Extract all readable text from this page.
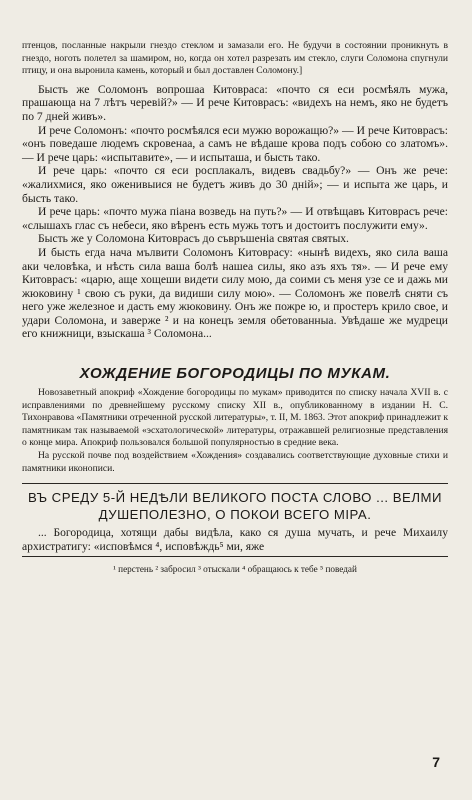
птенцов, посланные накрыли гнездо стеклом и замазали его. Не будучи в состоянии проникнуть в гнездо, ноготь полетел за шамиром, но, когда он хотел разрезать им стекло, слуги Соломона спугнули птицу, и она выронила камень, который и был доставлен Соломону.]

Бысть же Соломонъ вопрошаа Китовраса: «почто ся еси росмѣялъ мужа, прашающа на 7 лѣтъ черевiй?» — И рече Китоврасъ: «видехъ на немъ, яко не будетъ по 7 дней живъ».

И рече Соломонъ: «почто росмѣялся еси мужю ворожащю?» — И рече Китоврасъ: «онъ поведаше людемъ скровенаа, а самъ не вѣдаше крова подъ собою со златомъ». — И рече царь: «испытавите», — и испыташа, и бысть тако.

И рече царь: «почто ся еси росплакалъ, видевъ свадьбу?» — Онъ же рече: «жалихмися, яко оженивыися не будетъ живъ до 30 днiй»; — и испыта же царь, и бысть тако.

И рече царь: «почто мужа пiана возведь на путь?» — И отвѣщавъ Китоврасъ рече: «слышахъ глас съ небеси, яко вѣренъ есть мужь тотъ и достоитъ послужити ему».

Бысть же у Соломона Китоврасъ до съвръшенiа святая святых.

И бысть егда нача мълвити Соломонъ Китоврасу: «нынѣ видехъ, яко сила ваша аки человѣка, и нѣсть сила ваша болѣ нашеа силы, яко азъ яхъ тя». — И рече ему Китоврасъ: «царю, аще хощеши видети силу мою, да соими съ меня узе се и дажь ми жюковину ¹ свою съ руки, да видиши силу мою». — Соломонъ же повелѣ сняти съ него уже железное и дасть ему жюковину. Онъ же пожре ю, и простеръ крило свое, и удари Соломона, и заверже ² и на конецъ земля обетованныа. Увѣдаше же мудреци его книжници, взыскаша ³ Соломона...

ХОЖДЕНИЕ БОГОРОДИЦЫ ПО МУКАМ.

Новозаветный апокриф «Хождение богородицы по мукам» приводится по списку начала XVII в. с исправлениями по древнейшему русскому списку XII в., опубликованному в издании Н. С. Тихонравова «Памятники отреченной русской литературы», т. II, М. 1863. Этот апокриф принадлежит к памятникам так называемой «эсхатологической» литературы, отражавшей религиозные представления о конце мира. Апокриф пользовался большой популярностью в средние века.

На русской почве под воздействием «Хождения» создавались соответствующие духовные стихи и памятники иконописи.

ВЪ СРЕДУ 5-Й НЕДѢЛИ ВЕЛИКОГО ПОСТА СЛОВО ... ВЕЛМИ ДУШЕПОЛЕЗНО, О ПОКОИ ВСЕГО МІРА.

... Богородица, хотящи дабы видѣла, како ся душа мучать, и рече Михаилу архистратигу: «исповѣмся ⁴, исповѣждь⁵ ми, яже

¹ перстень ² забросил ³ отыскали ⁴ обращаюсь к тебе ⁵ поведай

7
